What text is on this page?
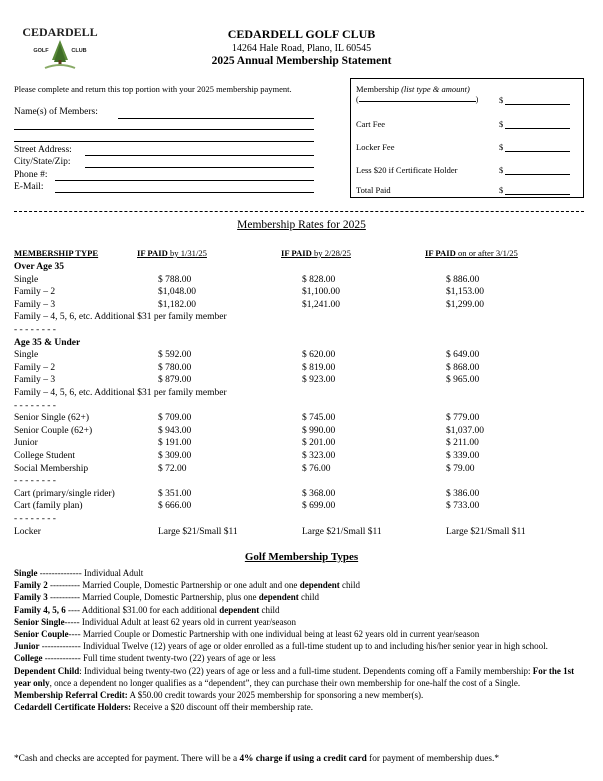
CEDARDELL
GOLF	CLUB
CEDARDELL GOLF CLUB
14264 Hale Road, Plano, IL 60545
2025 Annual Membership Statement
Please complete and return this top portion with your 2025 membership payment.
Name(s) of Members:
Street Address:
City/State/Zip:
Phone #:
E-Mail:
Membership (list type & amount)
(	) $
Cart Fee	$
Locker Fee	$
Less $20 if Certificate Holder	$
Total Paid	$
Membership Rates for 2025
MEMBERSHIP TYPE	IF PAID by 1/31/25	IF PAID by 2/28/25	IF PAID on or after 3/1/25
Over Age 35
Single	$ 788.00	$ 828.00	$ 886.00
Family – 2	$1,048.00	$1,100.00	$1,153.00
Family – 3	$1,182.00	$1,241.00	$1,299.00
Family – 4, 5, 6, etc. Additional $31 per family member
- - - - - - - -
Age 35 & Under
Single	$ 592.00	$ 620.00	$ 649.00
Family – 2	$ 780.00	$ 819.00	$ 868.00
Family – 3	$ 879.00	$ 923.00	$ 965.00
Family – 4, 5, 6, etc. Additional $31 per family member
- - - - - - - -
Senior Single (62+)	$ 709.00	$ 745.00	$ 779.00
Senior Couple (62+)	$ 943.00	$ 990.00	$1,037.00
Junior	$ 191.00	$ 201.00	$ 211.00
College Student	$ 309.00	$ 323.00	$ 339.00
Social Membership	$ 72.00	$ 76.00	$ 79.00
- - - - - - - -
Cart (primary/single rider)	$ 351.00	$ 368.00	$ 386.00
Cart (family plan)	$ 666.00	$ 699.00	$ 733.00
- - - - - - - -
Locker	Large $21/Small $11	Large $21/Small $11	Large $21/Small $11
Golf Membership Types
Single -------------- Individual Adult
Family 2 ---------- Married Couple, Domestic Partnership or one adult and one dependent child
Family 3 ---------- Married Couple, Domestic Partnership, plus one dependent child
Family 4, 5, 6 ---- Additional $31.00 for each additional dependent child
Senior Single----- Individual Adult at least 62 years old in current year/season
Senior Couple---- Married Couple or Domestic Partnership with one individual being at least 62 years old in current year/season
Junior ------------- Individual Twelve (12) years of age or older enrolled as a full-time student up to and including his/her senior year in high school.
College ------------ Full time student twenty-two (22) years of age or less
Dependent Child: Individual being twenty-two (22) years of age or less and a full-time student. Dependents coming off a Family membership: For the 1st year only, once a dependent no longer qualifies as a “dependent”, they can purchase their own membership for one-half the cost of a Single.
Membership Referral Credit: A $50.00 credit towards your 2025 membership for sponsoring a new member(s).
Cedardell Certificate Holders: Receive a $20 discount off their membership rate.
*Cash and checks are accepted for payment. There will be a 4% charge if using a credit card for payment of membership dues.*
